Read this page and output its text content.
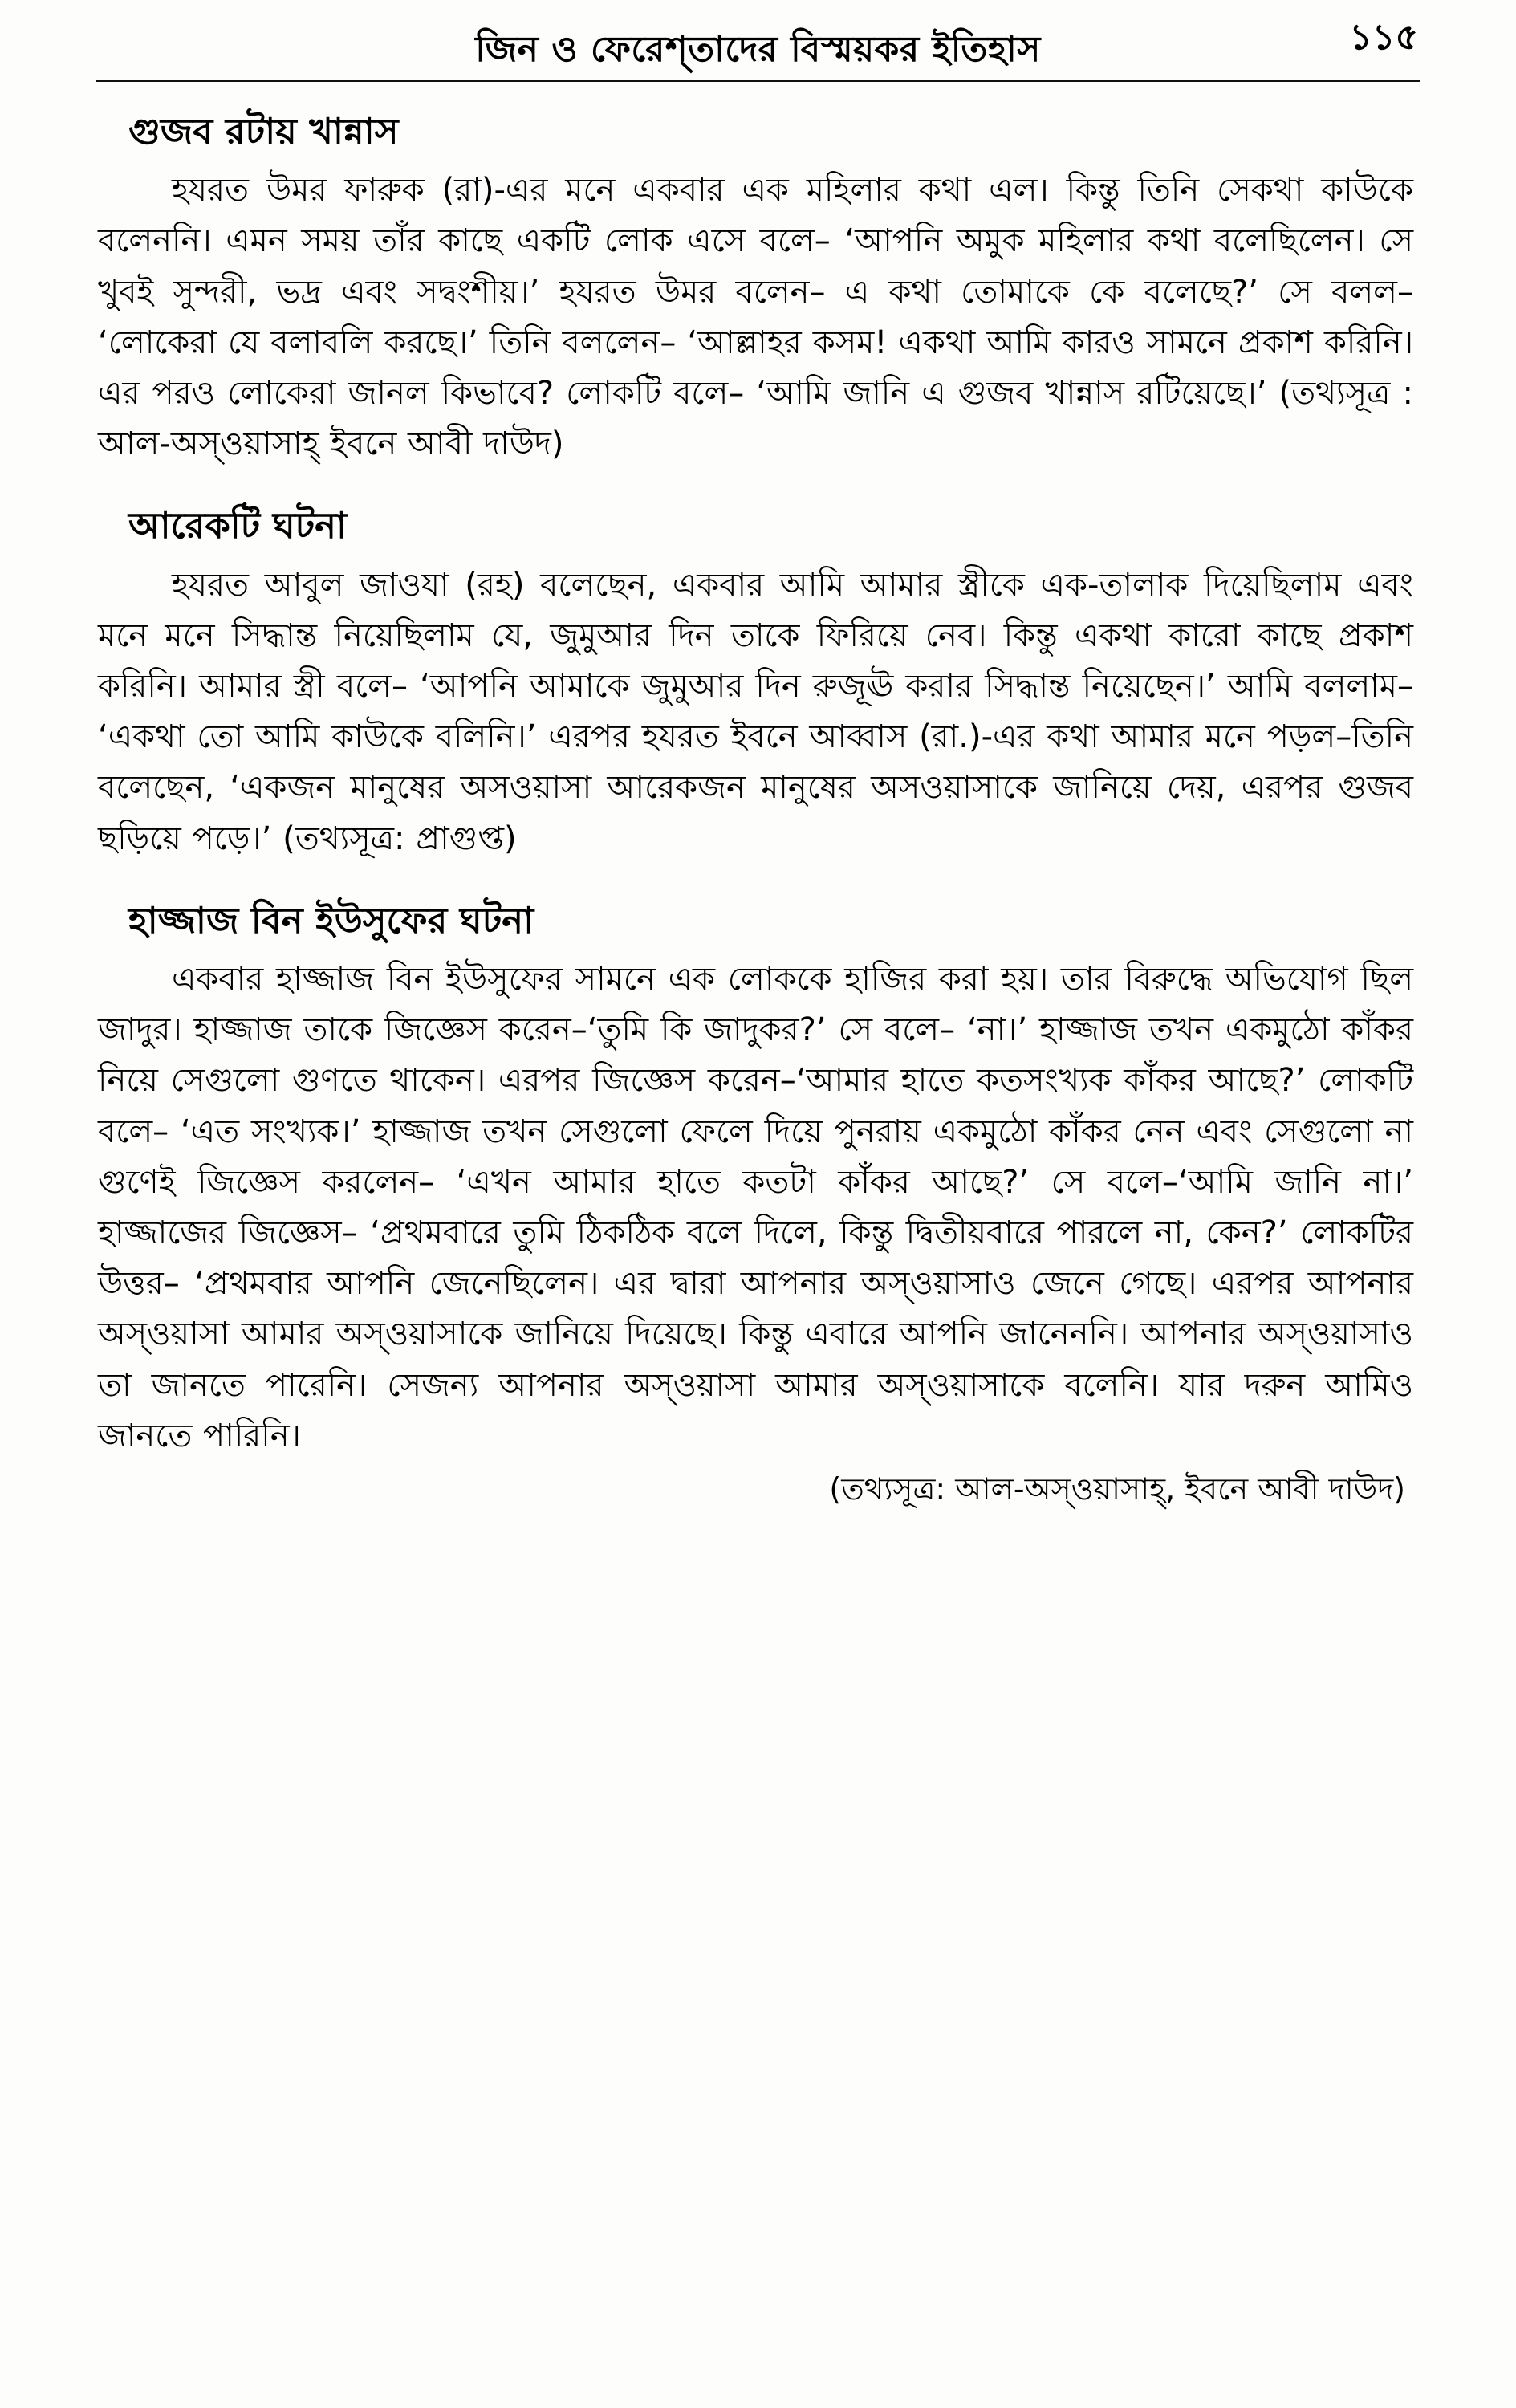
জিন ও ফেরেশ্‌তাদের বিস্ময়কর ইতিহাস	১১৫
গুজব রটায় খান্নাস

হযরত উমর ফারুক (রা)-এর মনে একবার এক মহিলার কথা এল। কিন্তু তিনি সেকথা কাউকে বলেননি। এমন সময় তাঁর কাছে একটি লোক এসে বলে– ‘আপনি অমুক মহিলার কথা বলেছিলেন। সে খুবই সুন্দরী, ভদ্র এবং সদ্বংশীয়।’ হযরত উমর বলেন– এ কথা তোমাকে কে বলেছে?’ সে বলল– ‘লোকেরা যে বলাবলি করছে।’ তিনি বললেন– ‘আল্লাহর কসম! একথা আমি কারও সামনে প্রকাশ করিনি। এর পরও লোকেরা জানল কিভাবে? লোকটি বলে– ‘আমি জানি এ গুজব খান্নাস রটিয়েছে।’ (তথ্যসূত্র : আল-অস্ওয়াসাহ্ ইবনে আবী দাউদ)

আরেকটি ঘটনা

হযরত আবুল জাওযা (রহ) বলেছেন, একবার আমি আমার স্ত্রীকে এক-তালাক দিয়েছিলাম এবং মনে মনে সিদ্ধান্ত নিয়েছিলাম যে, জুমুআর দিন তাকে ফিরিয়ে নেব। কিন্তু একথা কারো কাছে প্রকাশ করিনি। আমার স্ত্রী বলে– ‘আপনি আমাকে জুমুআর দিন রুজূঊ করার সিদ্ধান্ত নিয়েছেন।’ আমি বললাম– ‘একথা তো আমি কাউকে বলিনি।’ এরপর হযরত ইবনে আব্বাস (রা.)-এর কথা আমার মনে পড়ল–তিনি বলেছেন, ‘একজন মানুষের অসওয়াসা আরেকজন মানুষের অসওয়াসাকে জানিয়ে দেয়, এরপর গুজব ছড়িয়ে পড়ে।’ (তথ্যসূত্র: প্রাগুপ্ত)

হাজ্জাজ বিন ইউসুফের ঘটনা

একবার হাজ্জাজ বিন ইউসুফের সামনে এক লোককে হাজির করা হয়। তার বিরুদ্ধে অভিযোগ ছিল জাদুর। হাজ্জাজ তাকে জিজ্ঞেস করেন–‘তুমি কি জাদুকর?’ সে বলে– ‘না।’ হাজ্জাজ তখন একমুঠো কাঁকর নিয়ে সেগুলো গুণতে থাকেন। এরপর জিজ্ঞেস করেন–‘আমার হাতে কতসংখ্যক কাঁকর আছে?’ লোকটি বলে– ‘এত সংখ্যক।’ হাজ্জাজ তখন সেগুলো ফেলে দিয়ে পুনরায় একমুঠো কাঁকর নেন এবং সেগুলো না গুণেই জিজ্ঞেস করলেন– ‘এখন আমার হাতে কতটা কাঁকর আছে?’ সে বলে–‘আমি জানি না।’ হাজ্জাজের জিজ্ঞেস– ‘প্রথমবারে তুমি ঠিকঠিক বলে দিলে, কিন্তু দ্বিতীয়বারে পারলে না, কেন?’ লোকটির উত্তর– ‘প্রথমবার আপনি জেনেছিলেন। এর দ্বারা আপনার অস্ওয়াসাও জেনে গেছে। এরপর আপনার অস্ওয়াসা আমার অস্ওয়াসাকে জানিয়ে দিয়েছে। কিন্তু এবারে আপনি জানেননি। আপনার অস্ওয়াসাও তা জানতে পারেনি। সেজন্য আপনার অস্ওয়াসা আমার অস্ওয়াসাকে বলেনি। যার দরুন আমিও জানতে পারিনি।

(তথ্যসূত্র: আল-অস্ওয়াসাহ্, ইবনে আবী দাউদ)
